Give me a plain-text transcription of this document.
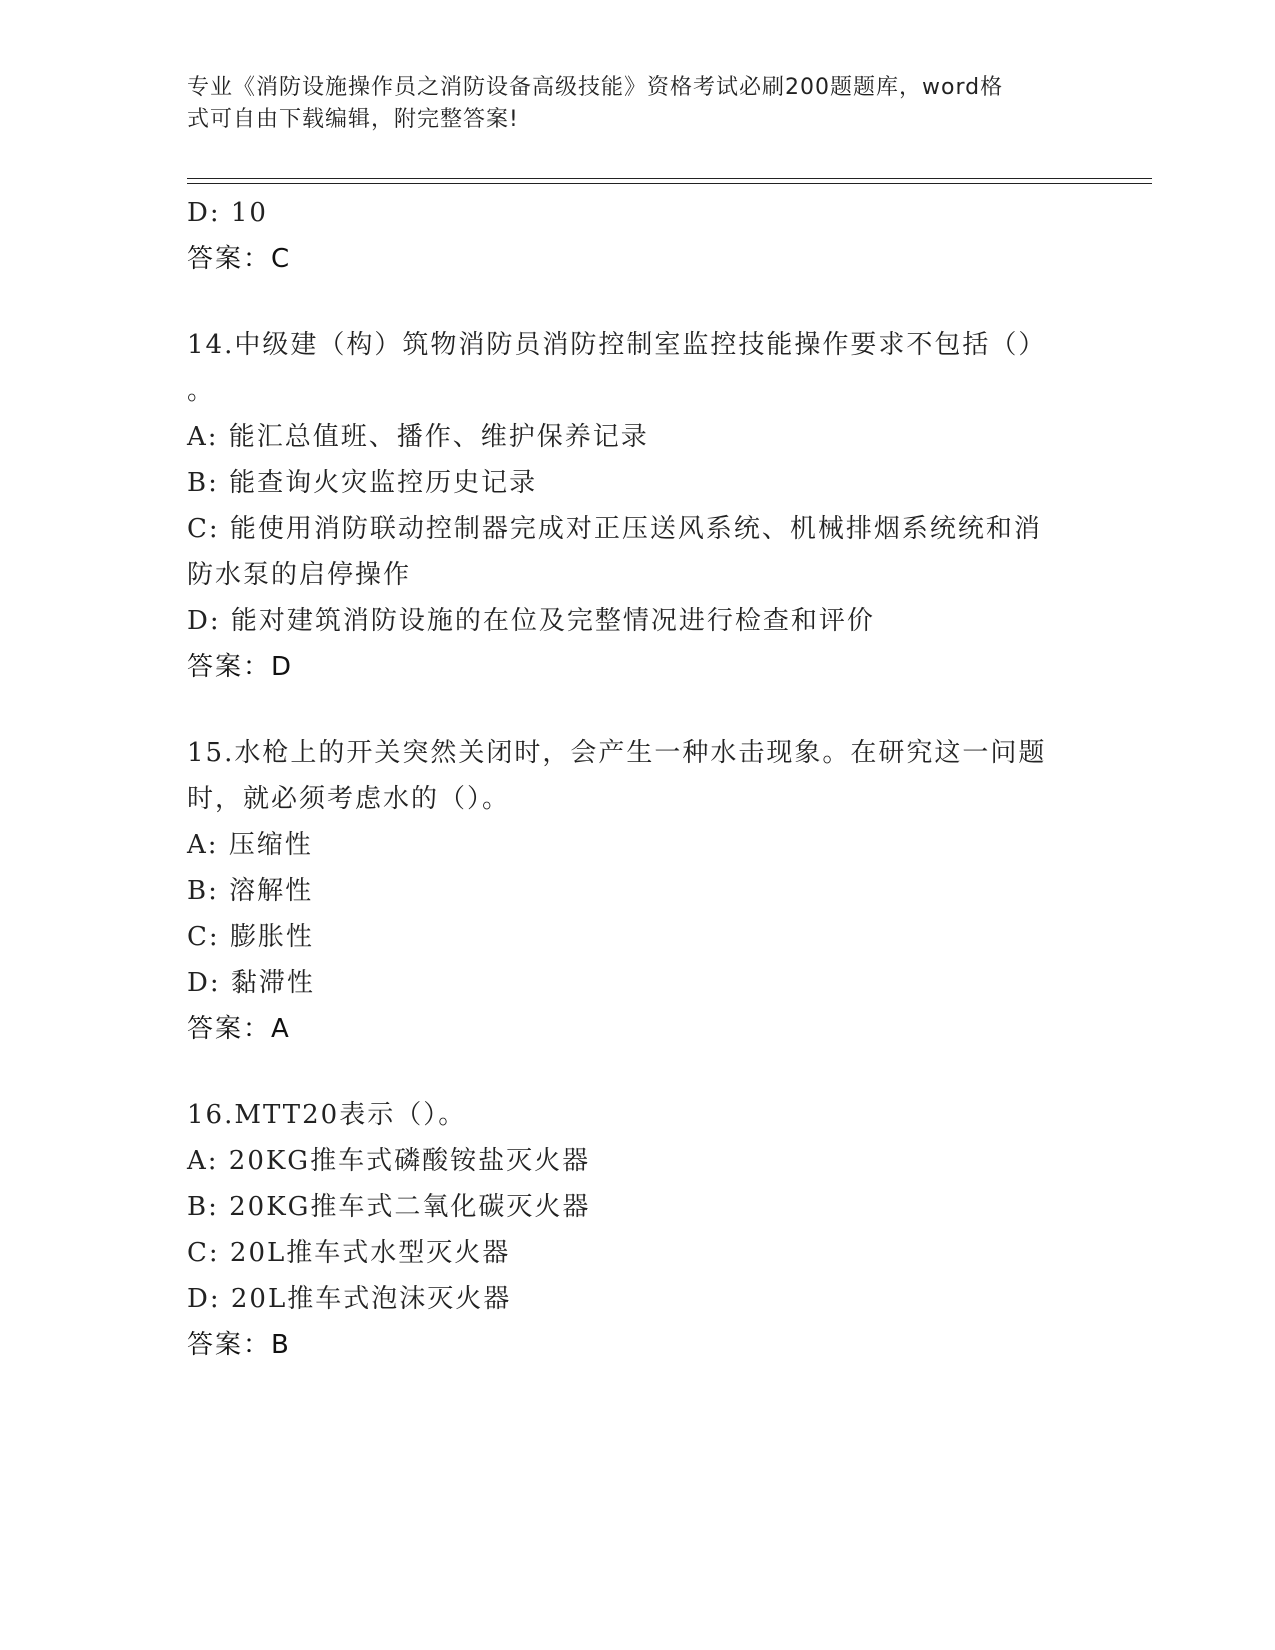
专业《消防设施操作员之消防设备高级技能》资格考试必刷200题题库，word格
式可自由下载编辑，附完整答案!
D: 10
答案：C
14.中级建（构）筑物消防员消防控制室监控技能操作要求不包括（）
。
A: 能汇总值班、播作、维护保养记录
B: 能查询火灾监控历史记录
C: 能使用消防联动控制器完成对正压送风系统、机械排烟系统统和消
防水泵的启停操作
D: 能对建筑消防设施的在位及完整情况进行检查和评价
答案：D
15.水枪上的开关突然关闭时，会产生一种水击现象。在研究这一问题
时，就必须考虑水的（）。
A: 压缩性
B: 溶解性
C: 膨胀性
D: 黏滞性
答案：A
16.MTT20表示（）。
A: 20KG推车式磷酸铵盐灭火器
B: 20KG推车式二氧化碳灭火器
C: 20L推车式水型灭火器
D: 20L推车式泡沫灭火器
答案：B
